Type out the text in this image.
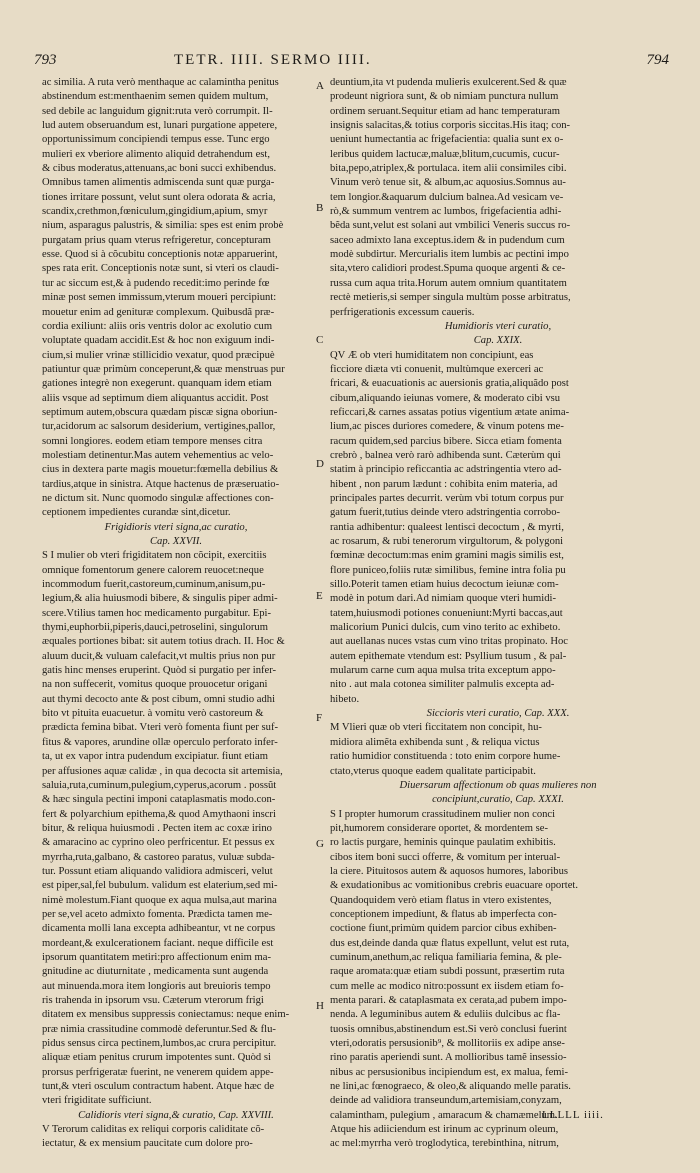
793	TETR. IIII. SERMO IIII.	794
ac similia. A ruta verò menthaque ac calamintha penitus
abstinendum est:menthaenim semen quidem multum,
sed debile ac languidum gignit:ruta verò corrumpit. Il-
lud autem obseruandum est, lunari purgatione appetere,
opportunissimum concipiendi tempus esse. Tunc ergo
mulieri ex vberiore alimento aliquid detrahendum est,
& cibus moderatus,attenuans,ac boni succi exhibendus.
Omnibus tamen alimentis admiscenda sunt quæ purga-
tiones irritare possunt, velut sunt olera odorata & acria,
scandix,crethmon,fœniculum,gingidium,apium, smyr
nium, asparagus palustris, & similia: spes est enim probè
purgatam prius quam vterus refrigeretur, concepturam
esse. Quod si à cõcubitu conceptionis notæ apparuerint,
spes rata erit. Conceptionis notæ sunt, si vteri os claudi-
tur ac siccum est,& à pudendo recedit:imo perinde fœ
minæ post semen immissum,vterum moueri percipiunt:
mouetur enim ad genituræ complexum. Quibusdã præ-
cordia exiliunt: aliis oris ventris dolor ac exolutio cum
voluptate quadam accidit.Est & hoc non exiguum indi-
cium,si mulier vrinæ stillicidio vexatur, quod præcipuè
patiuntur quæ primùm conceperunt,& quæ menstruas pur
gationes integrè non exegerunt. quanquam idem etiam
aliis vsque ad septimum diem aliquantus accidit. Post
septimum autem,obscura quædam piscæ signa oboriun-
tur,acidorum ac salsorum desiderium, vertigines,pallor,
somni longiores. eodem etiam tempore menses citra
molestiam detinentur.Mas autem vehementius ac velo-
cius in dextera parte magis mouetur:fœmella debilius &
tardius,atque in sinistra. Atque hactenus de præseruatio-
ne dictum sit. Nunc quomodo singulæ affectiones con-
ceptionem impedientes curandæ sint,dicetur.
Frigidioris vteri signa,ac curatio,
Cap. XXVII.
S I mulier ob vteri frigiditatem non cõcipit, exercitiis
omnique fomentorum genere calorem reuocet:neque
incommodum fuerit,castoreum,cuminum,anisum,pu-
legium,& alia huiusmodi bibere, & singulis piper admi-
scere.Vtilius tamen hoc medicamento purgabitur. Epi-
thymi,euphorbii,piperis,dauci,petroselini, singulorum
æquales portiones bibat: sit autem totius drach. II. Hoc &
aluum ducit,& vuluam calefacit,vt multis prius non pur
gatis hinc menses eruperint. Quòd si purgatio per infer-
na non suffecerit, vomitus quoque prouocetur origani
aut thymi decocto ante & post cibum, omni studio adhi
bito vt pituita euacuetur. à vomitu verò castoreum &
prædicta femina bibat. Vteri verò fomenta fiunt per suf-
fitus & vapores, arundine ollæ operculo perforato infer-
ta, ut ex vapor intra pudendum excipiatur. fiunt etiam
per affusiones aquæ calidæ , in qua decocta sit artemisia,
saluia,ruta,cuminum,pulegium,cyperus,acorum . possũt
& hæc singula pectini imponi cataplasmatis modo.con-
fert & polyarchium epithema,& quod Amythaoni inscri
bitur, & reliqua huiusmodi . Pecten item ac coxæ irino
& amaracino ac cyprino oleo perfricentur. Et pessus ex
myrrha,ruta,galbano, & castoreo paratus, vuluæ subda-
tur. Possunt etiam aliquando validiora admisceri, velut
est piper,sal,fel bubulum. validum est elaterium,sed mi-
nimè molestum.Fiant quoque ex aqua mulsa,aut marina
per se,vel aceto admixto fomenta. Prædicta tamen me-
dicamenta molli lana excepta adhibeantur, vt ne corpus
mordeant,& exulcerationem faciant. neque difficile est
ipsorum quantitatem metiri:pro affectionum enim ma-
gnitudine ac diuturnitate , medicamenta sunt augenda
aut minuenda.mora item longioris aut breuioris tempo
ris trahenda in ipsorum vsu. Cæterum vterorum frigi
ditatem ex mensibus suppressis coniectamus: neque enim-
præ nimia crassitudine commodè deferuntur.Sed & flu-
pidus sensus circa pectinem,lumbos,ac crura percipitur.
aliquæ etiam penitus crurum impotentes sunt. Quòd si
prorsus perfrigeratæ fuerint, ne venerem quidem appe-
tunt,& vteri osculum contractum habent. Atque hæc de
vteri frigiditate sufficiunt.
Calidioris vteri signa,& curatio, Cap. XXVIII.
V Terorum caliditas ex reliqui corporis caliditate cõ-
iectatur, & ex mensium paucitate cum dolore pro-
A
B
C
D
E
F
G
H
deuntium,ita vt pudenda mulieris exulcerent.Sed & quæ
prodeunt nigriora sunt, & ob nimiam punctura nullum
ordinem seruant.Sequitur etiam ad hanc temperaturam
insignis salacitas,& totius corporis siccitas.His itaq; con-
ueniunt humectantia ac frigefacientia: qualia sunt ex o-
leribus quidem lactucæ,maluæ,blitum,cucumis, cucur-
bita,pepo,atriplex,& portulaca. item alii consimiles cibi.
Vinum verò tenue sit, & album,ac aquosius.Somnus au-
tem longior.&aquarum dulcium balnea.Ad vesicam ve-
rò,& summum ventrem ac lumbos, frigefacientia adhi-
bẽda sunt,velut est solani aut vmbilici Veneris succus ro-
saceo admixto lana exceptus.idem & in pudendum cum
modè subdirtur. Mercurialis item lumbis ac pectini impo
sita,vtero calidiori prodest.Spuma quoque argenti & ce-
russa cum aqua trita.Horum autem omnium quantitatem
rectè metieris,si semper singula multùm posse arbitratus,
perfrigerationis excessum caueris.
Humidioris vteri curatio,
Cap. XXIX.
QV Æ ob vteri humiditatem non concipiunt, eas
ficciore diæta vti conuenit, multùmque exerceri ac
fricari, & euacuationis ac auersionis gratia,aliquãdo post
cibum,aliquando ieiunas vomere, & moderato cibi vsu
reficcari,& carnes assatas potius vigentium ætate anima-
lium,ac pisces duriores comedere, & vinum potens me-
racum quidem,sed parcius bibere. Sicca etiam fomenta
crebrò , balnea verò rarò adhibenda sunt. Cæterùm qui
statim à principio reficcantia ac adstringentia vtero ad-
hibent , non parum lædunt : cohibita enim materia, ad
principales partes decurrit. verùm vbi totum corpus pur
gatum fuerit,tutius deinde vtero adstringentia corrobo-
rantia adhibentur: qualeest lentisci decoctum , & myrti,
ac rosarum, & rubi tenerorum virgultorum, & polygoni
fœminæ decoctum:mas enim gramini magis similis est,
flore puniceo,foliis rutæ similibus, femine intra folia pu
sillo.Poterit tamen etiam huius decoctum ieiunæ com-
modè in potum dari.Ad nimiam quoque vteri humidi-
tatem,huiusmodi potiones conueniunt:Myrti baccas,aut
malicorium Punici dulcis, cum vino terito ac exhibeto.
aut auellanas nuces vstas cum vino tritas propinato. Hoc
autem epithemate vtendum est: Psyllium tusum , & pal-
mularum carne cum aqua mulsa trita exceptum appo-
nito . aut mala cotonea similiter palmulis excepta ad-
hibeto.
Siccioris vteri curatio, Cap. XXX.
M Vlieri quæ ob vteri ficcitatem non concipit, hu-
midiora alimẽta exhibenda sunt , & reliqua victus
ratio humidior constituenda : toto enim corpore hume-
ctato,vterus quoque eadem qualitate participabit.
Diuersarum affectionum ob quas mulieres non
concipiunt,curatio, Cap. XXXI.
S I propter humorum crassitudinem mulier non conci
pit,humorem considerare oportet, & mordentem se-
ro lactis purgare, heminis quinque paulatim exhibitis.
cibos item boni succi offerre, & vomitum per interual-
la ciere. Pituitosos autem & aquosos humores, laboribus
& exudationibus ac vomitionibus crebris euacuare oportet.
Quandoquidem verò etiam flatus in vtero existentes,
conceptionem impediunt, & flatus ab imperfecta con-
coctione fiunt,primùm quidem parcior cibus exhiben-
dus est,deinde danda quæ flatus expellunt, velut est ruta,
cuminum,anethum,ac reliqua familiaria femina, & ple-
raque aromata:quæ etiam subdi possunt, præsertim ruta
cum melle ac modico nitro:possunt ex iisdem etiam fo-
menta parari. & cataplasmata ex cerata,ad pubem impo-
nenda. A leguminibus autem & eduliis dulcibus ac fla-
tuosis omnibus,abstinendum est.Si verò conclusi fuerint
vteri,odoratis persusionib⁹, & mollitoriis ex adipe anse-
rino paratis aperiendi sunt. A mollioribus tamẽ insessio-
nibus ac persusionibus incipiendum est, ex malua, femi-
ne lini,ac fœnograeco, & oleo,& aliquando melle paratis.
deinde ad validiora transeundum,artemisiam,conyzam,
calamintham, pulegium , amaracum & chamæmelum.
Atque his adiiciendum est irinum ac cyprinum oleum,
ac mel:myrrha verò troglodytica, terebinthina, nitrum,
LLLLL iiii.
